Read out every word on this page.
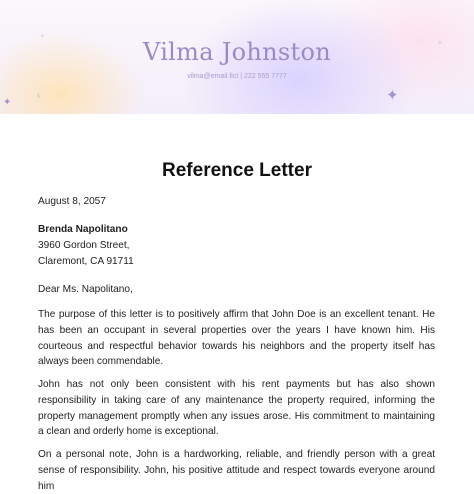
✦
✦
Vilma Johnston
vilma@email.fict | 222 555 7777
✦
‹	✦
Reference Letter
August 8, 2057
Brenda Napolitano
3960 Gordon Street,
Claremont, CA 91711
Dear Ms. Napolitano,

The purpose of this letter is to positively affirm that John Doe is an excellent tenant. He has been an occupant in several properties over the years I have known him. His courteous and respectful behavior towards his neighbors and the property itself has always been commendable.

John has not only been consistent with his rent payments but has also shown responsibility in taking care of any maintenance the property required, informing the property management promptly when any issues arose. His commitment to maintaining a clean and orderly home is exceptional.

On a personal note, John is a hardworking, reliable, and friendly person with a great sense of responsibility. John, his positive attitude and respect towards everyone around him
